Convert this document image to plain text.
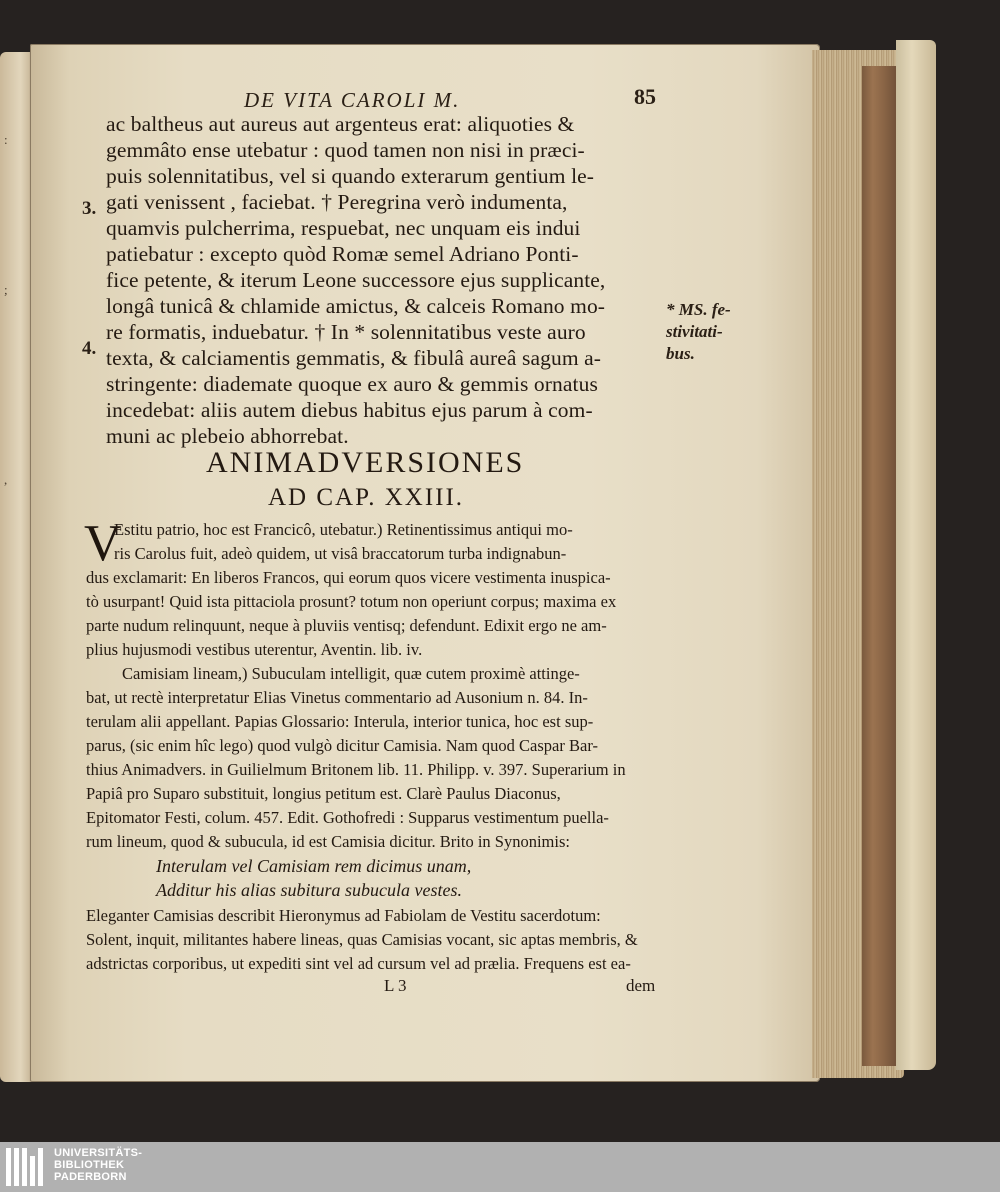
:
;
,
DE VITA CAROLI M.	85
ac baltheus aut aureus aut argenteus erat: aliquoties &
gemmâto ense utebatur : quod tamen non nisi in præci-
puis solennitatibus, vel si quando exterarum gentium le-
gati venissent , faciebat. † Peregrina verò indumenta,
quamvis pulcherrima, respuebat, nec unquam eis indui
patiebatur : excepto quòd Romæ semel Adriano Ponti-
fice petente, & iterum Leone successore ejus supplicante,
longâ tunicâ & chlamide amictus, & calceis Romano mo-
re formatis, induebatur. † In * solennitatibus veste auro
texta, & calciamentis gemmatis, & fibulâ aureâ sagum a-
stringente: diademate quoque ex auro & gemmis ornatus
incedebat: aliis autem diebus habitus ejus parum à com-
muni ac plebeio abhorrebat.
3.
4.
* MS. fe-
stivitati-
bus.
ANIMADVERSIONES
AD CAP. XXIII.
V
Estitu patrio, hoc est Francicô, utebatur.) Retinentissimus antiqui mo-
ris Carolus fuit, adeò quidem, ut visâ braccatorum turba indignabun-
dus exclamarit: En liberos Francos, qui eorum quos vicere vestimenta inuspica-
tò usurpant! Quid ista pittaciola prosunt? totum non operiunt corpus; maxima ex
parte nudum relinquunt, neque à pluviis ventisq; defendunt. Edixit ergo ne am-
plius hujusmodi vestibus uterentur, Aventin. lib. iv.
Camisiam lineam,) Subuculam intelligit, quæ cutem proximè attinge-
bat, ut rectè interpretatur Elias Vinetus commentario ad Ausonium n. 84. In-
terulam alii appellant. Papias Glossario: Interula, interior tunica, hoc est sup-
parus, (sic enim hîc lego) quod vulgò dicitur Camisia. Nam quod Caspar Bar-
thius Animadvers. in Guilielmum Britonem lib. 11. Philipp. v. 397. Superarium in
Papiâ pro Suparo substituit, longius petitum est. Clarè Paulus Diaconus,
Epitomator Festi, colum. 457. Edit. Gothofredi : Supparus vestimentum puella-
rum lineum, quod & subucula, id est Camisia dicitur. Brito in Synonimis:
Interulam vel Camisiam rem dicimus unam,
Additur his alias subitura subucula vestes.
Eleganter Camisias describit Hieronymus ad Fabiolam de Vestitu sacerdotum:
Solent, inquit, militantes habere lineas, quas Camisias vocant, sic aptas membris, &
adstrictas corporibus, ut expediti sint vel ad cursum vel ad prælia. Frequens est ea-
L 3	dem
UNIVERSITÄTS-
BIBLIOTHEK
PADERBORN
